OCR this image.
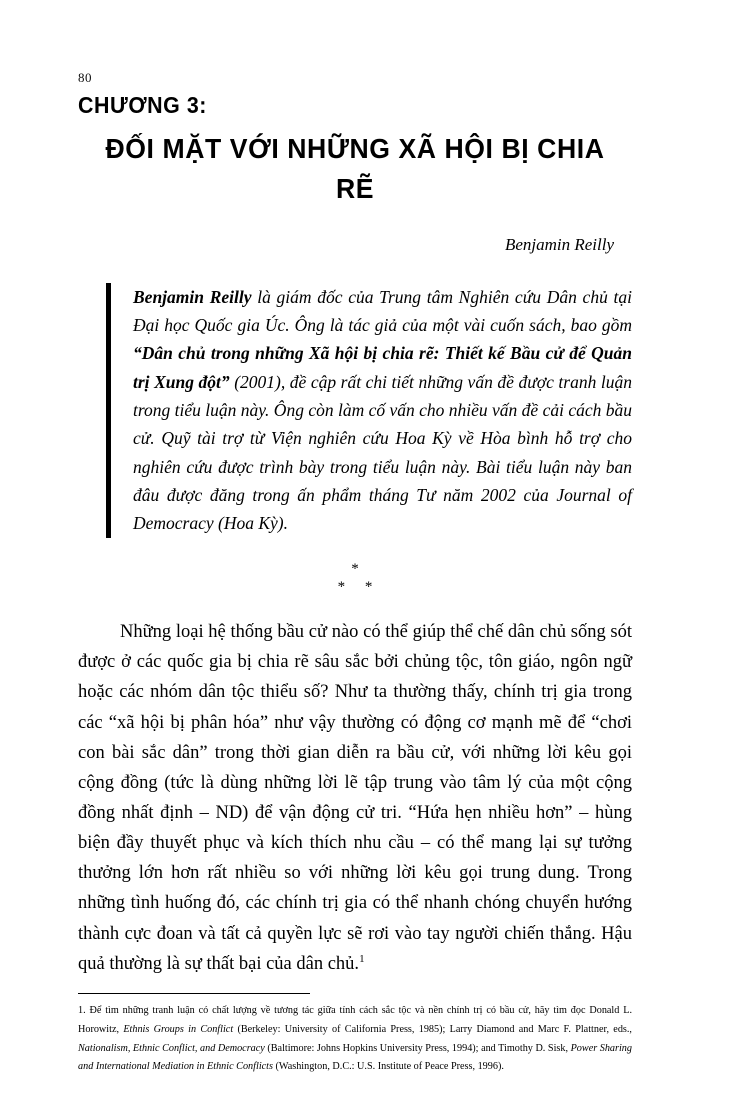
80
CHƯƠNG 3:
ĐỐI MẶT VỚI NHỮNG XÃ HỘI BỊ CHIA RẼ
Benjamin Reilly

Benjamin Reilly là giám đốc của Trung tâm Nghiên cứu Dân chủ tại Đại học Quốc gia Úc. Ông là tác giả của một vài cuốn sách, bao gồm “Dân chủ trong những Xã hội bị chia rẽ: Thiết kế Bầu cử để Quản trị Xung đột” (2001), đề cập rất chi tiết những vấn đề được tranh luận trong tiểu luận này. Ông còn làm cố vấn cho nhiều vấn đề cải cách bầu cử. Quỹ tài trợ từ Viện nghiên cứu Hoa Kỳ về Hòa bình hỗ trợ cho nghiên cứu được trình bày trong tiểu luận này. Bài tiểu luận này ban đâu được đăng trong ấn phẩm tháng Tư năm 2002 của Journal of Democracy (Hoa Kỳ).

*
* *

Những loại hệ thống bầu cử nào có thể giúp thể chế dân chủ sống sót được ở các quốc gia bị chia rẽ sâu sắc bởi chủng tộc, tôn giáo, ngôn ngữ hoặc các nhóm dân tộc thiểu số? Như ta thường thấy, chính trị gia trong các “xã hội bị phân hóa” như vậy thường có động cơ mạnh mẽ để “chơi con bài sắc dân” trong thời gian diễn ra bầu cử, với những lời kêu gọi cộng đồng (tức là dùng những lời lẽ tập trung vào tâm lý của một cộng đồng nhất định – ND) để vận động cử tri. “Hứa hẹn nhiều hơn” – hùng biện đầy thuyết phục và kích thích nhu cầu – có thể mang lại sự tưởng thưởng lớn hơn rất nhiều so với những lời kêu gọi trung dung. Trong những tình huống đó, các chính trị gia có thể nhanh chóng chuyển hướng thành cực đoan và tất cả quyền lực sẽ rơi vào tay người chiến thắng. Hậu quả thường là sự thất bại của dân chủ.$^1$

1. Để tìm những tranh luận có chất lượng về tương tác giữa tính cách sắc tộc và nền chính trị có bầu cử, hãy tìm đọc Donald L. Horowitz, Ethnis Groups in Conflict (Berkeley: University of California Press, 1985); Larry Diamond and Marc F. Plattner, eds., Nationalism, Ethnic Conflict, and Democracy (Baltimore: Johns Hopkins University Press, 1994); and Timothy D. Sisk, Power Sharing and International Mediation in Ethnic Conflicts (Washington, D.C.: U.S. Institute of Peace Press, 1996).
